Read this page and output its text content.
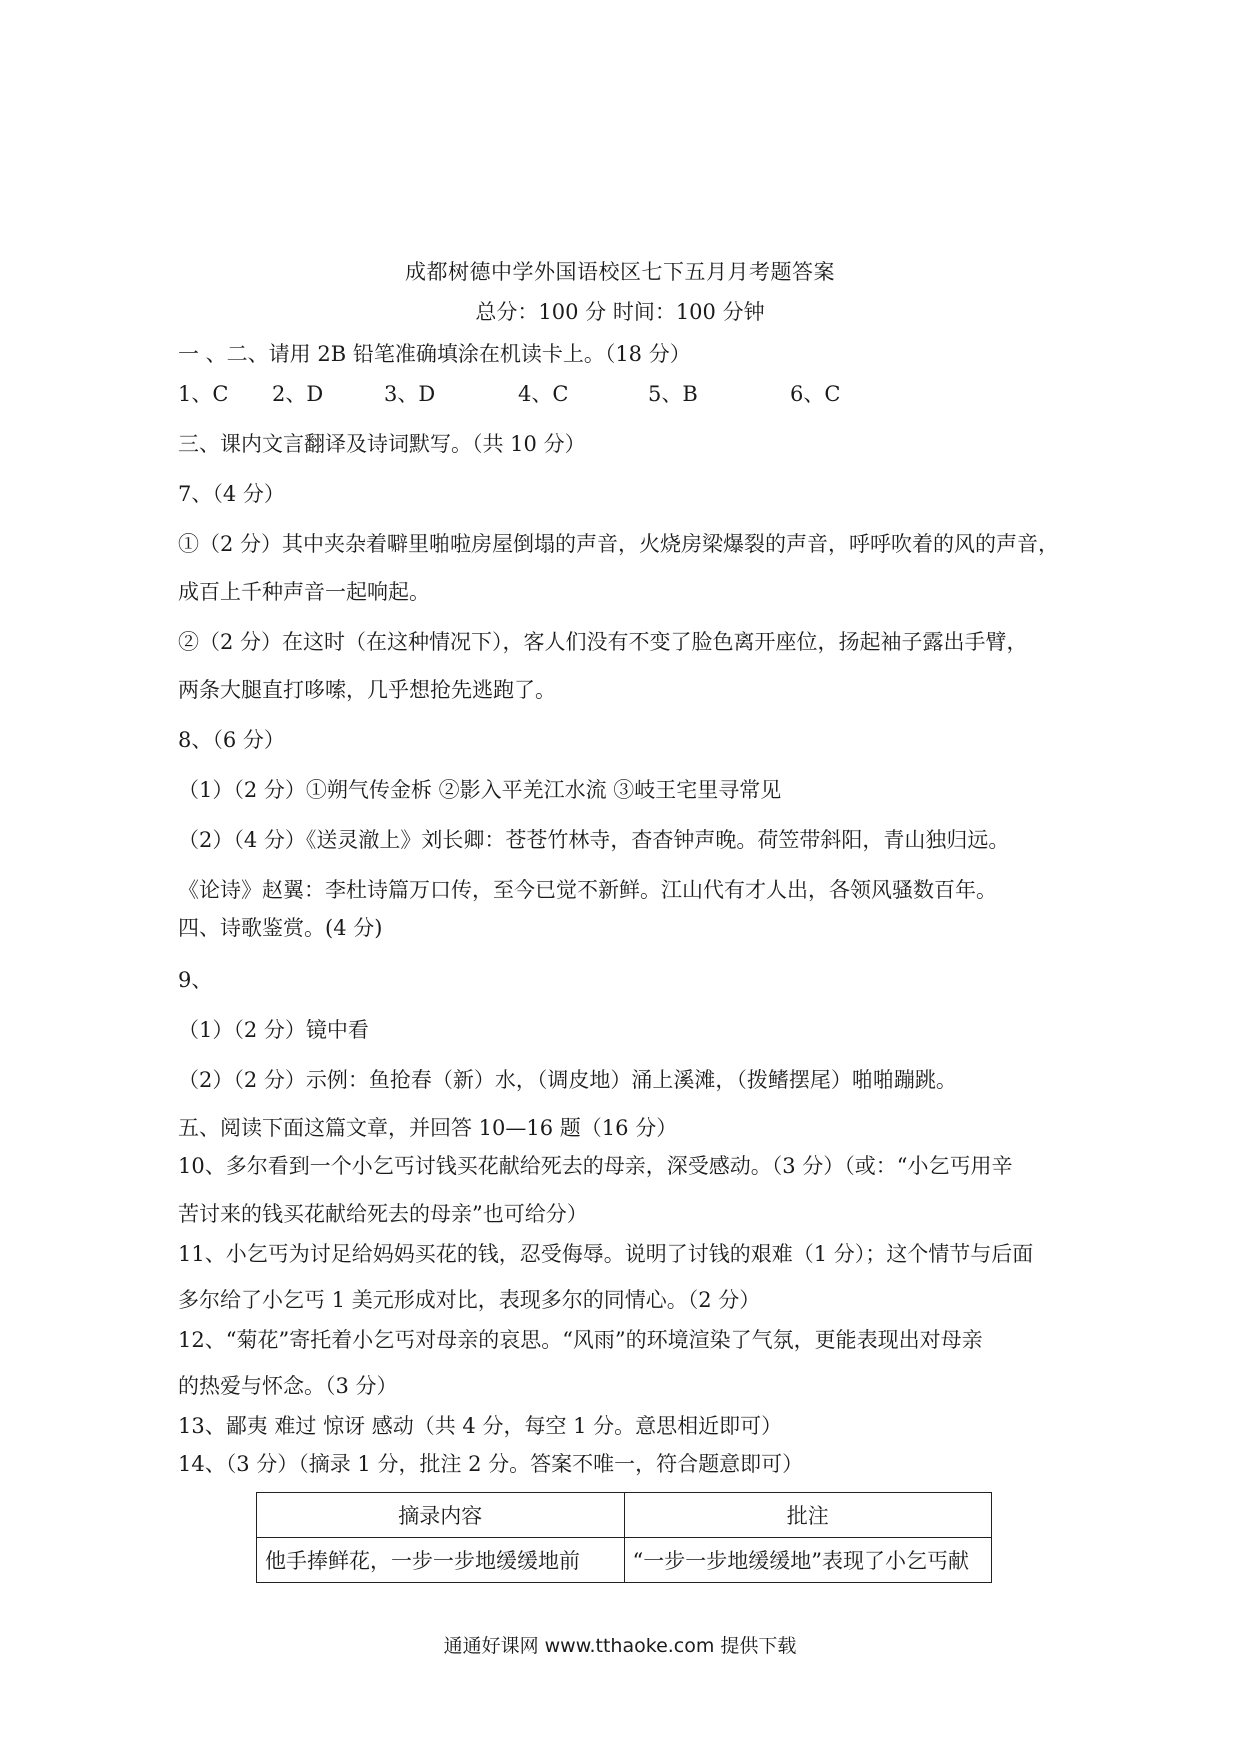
成都树德中学外国语校区七下五月月考题答案
总分：100 分 时间：100 分钟
一 、二、请用 2B 铅笔准确填涂在机读卡上。（18 分）
1、C 2、D	3、D	4、C	5、B	6、C
三、课内文言翻译及诗词默写。（共 10 分）
7、（4 分）
①（2 分）其中夹杂着噼里啪啦房屋倒塌的声音，火烧房梁爆裂的声音，呼呼吹着的风的声音，
成百上千种声音一起响起。
②（2 分）在这时（在这种情况下），客人们没有不变了脸色离开座位，扬起袖子露出手臂，
两条大腿直打哆嗦，几乎想抢先逃跑了。
8、（6 分）
（1）（2 分）①朔气传金柝 ②影入平羌江水流 ③岐王宅里寻常见
（2）（4 分）《送灵澈上》刘长卿：苍苍竹林寺，杳杳钟声晚。荷笠带斜阳，青山独归远。
《论诗》赵翼：李杜诗篇万口传，至今已觉不新鲜。江山代有才人出，各领风骚数百年。
四、诗歌鉴赏。(4 分)
9、
（1）（2 分）镜中看
（2）（2 分）示例：鱼抢春（新）水，（调皮地）涌上溪滩，（拨鳍摆尾）啪啪蹦跳。
五、阅读下面这篇文章，并回答 10—16 题（16 分）
10、多尔看到一个小乞丐讨钱买花献给死去的母亲，深受感动。（3 分）（或：“小乞丐用辛
苦讨来的钱买花献给死去的母亲”也可给分）
11、小乞丐为讨足给妈妈买花的钱，忍受侮辱。说明了讨钱的艰难（1 分）；这个情节与后面
多尔给了小乞丐 1 美元形成对比，表现多尔的同情心。（2 分）
12、“菊花”寄托着小乞丐对母亲的哀思。“风雨”的环境渲染了气氛，更能表现出对母亲
的热爱与怀念。（3 分）
13、鄙夷 难过 惊讶 感动（共 4 分，每空 1 分。意思相近即可）
14、（3 分）（摘录 1 分，批注 2 分。答案不唯一，符合题意即可）
摘录内容	批注
他手捧鲜花，一步一步地缓缓地前	“一步一步地缓缓地”表现了小乞丐献
通通好课网 www.tthaoke.com 提供下载
